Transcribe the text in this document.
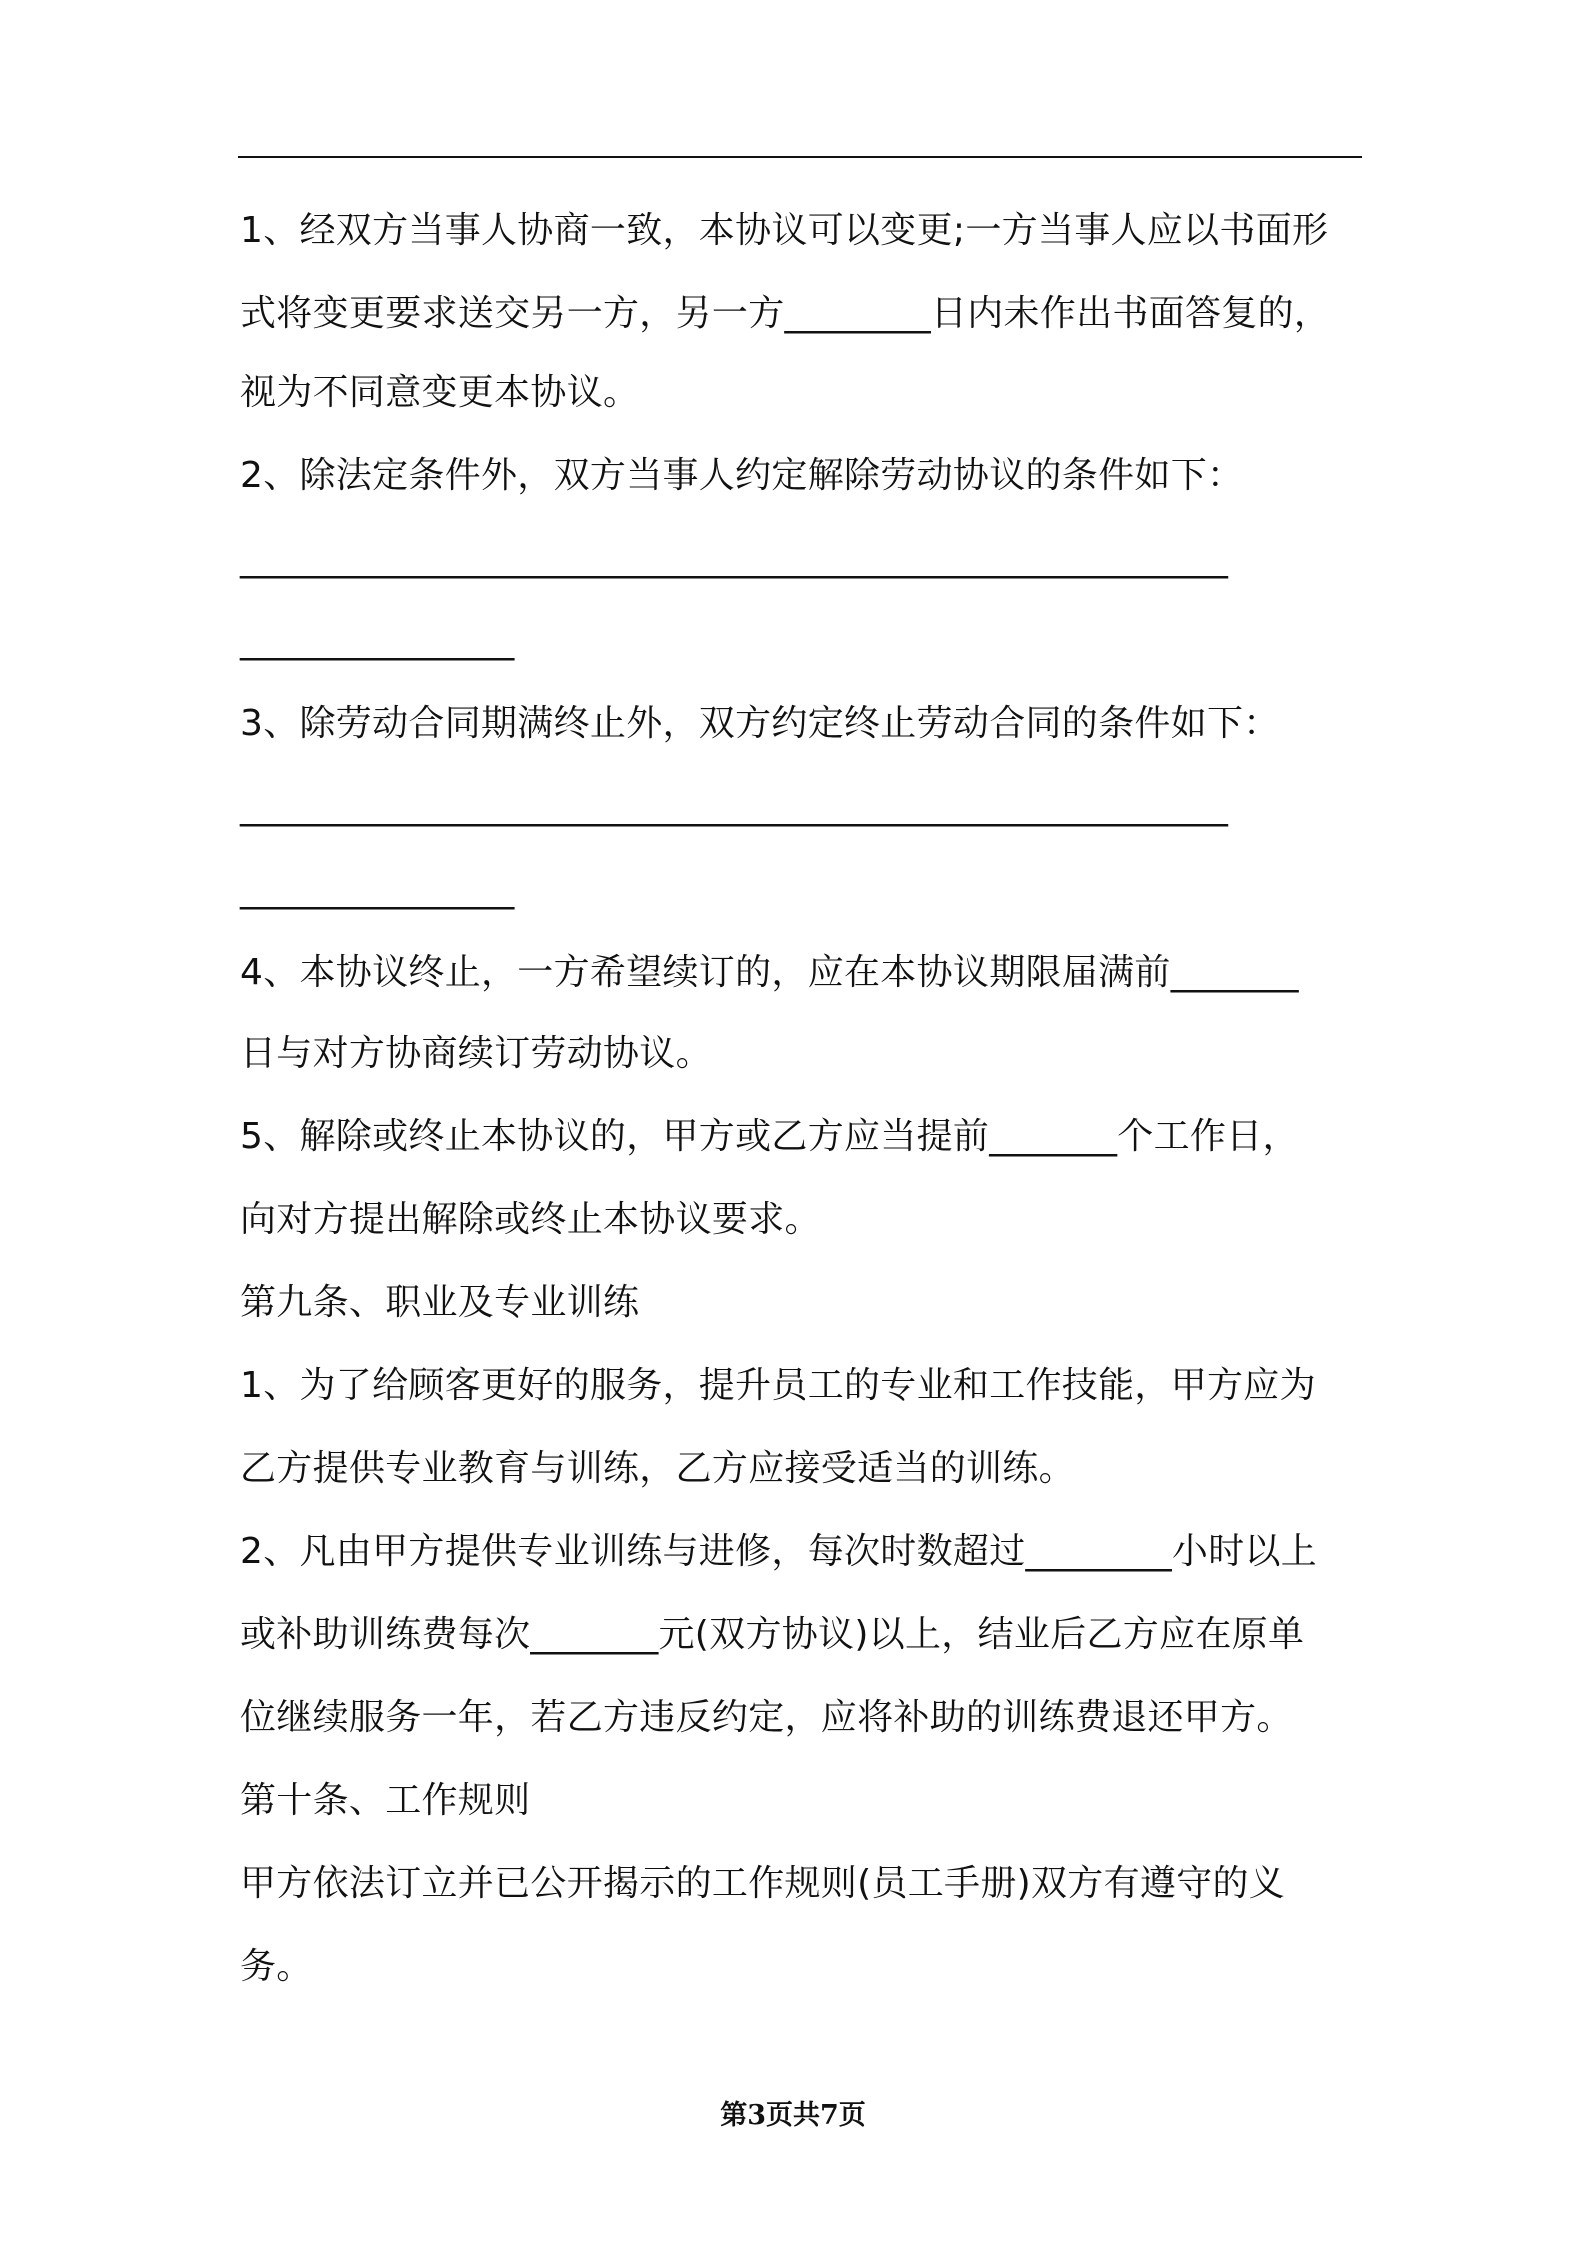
1、经双方当事人协商一致，本协议可以变更;一方当事人应以书面形
式将变更要求送交另一方，另一方________日内未作出书面答复的，
视为不同意变更本协议。
2、除法定条件外，双方当事人约定解除劳动协议的条件如下：
______________________________________________________
_______________
3、除劳动合同期满终止外，双方约定终止劳动合同的条件如下：
______________________________________________________
_______________
4、本协议终止，一方希望续订的，应在本协议期限届满前_______
日与对方协商续订劳动协议。
5、解除或终止本协议的，甲方或乙方应当提前_______个工作日，
向对方提出解除或终止本协议要求。
第九条、职业及专业训练
1、为了给顾客更好的服务，提升员工的专业和工作技能，甲方应为
乙方提供专业教育与训练，乙方应接受适当的训练。
2、凡由甲方提供专业训练与进修，每次时数超过________小时以上
或补助训练费每次_______元(双方协议)以上，结业后乙方应在原单
位继续服务一年，若乙方违反约定，应将补助的训练费退还甲方。
第十条、工作规则
甲方依法订立并已公开揭示的工作规则(员工手册)双方有遵守的义
务。
第3页共7页
